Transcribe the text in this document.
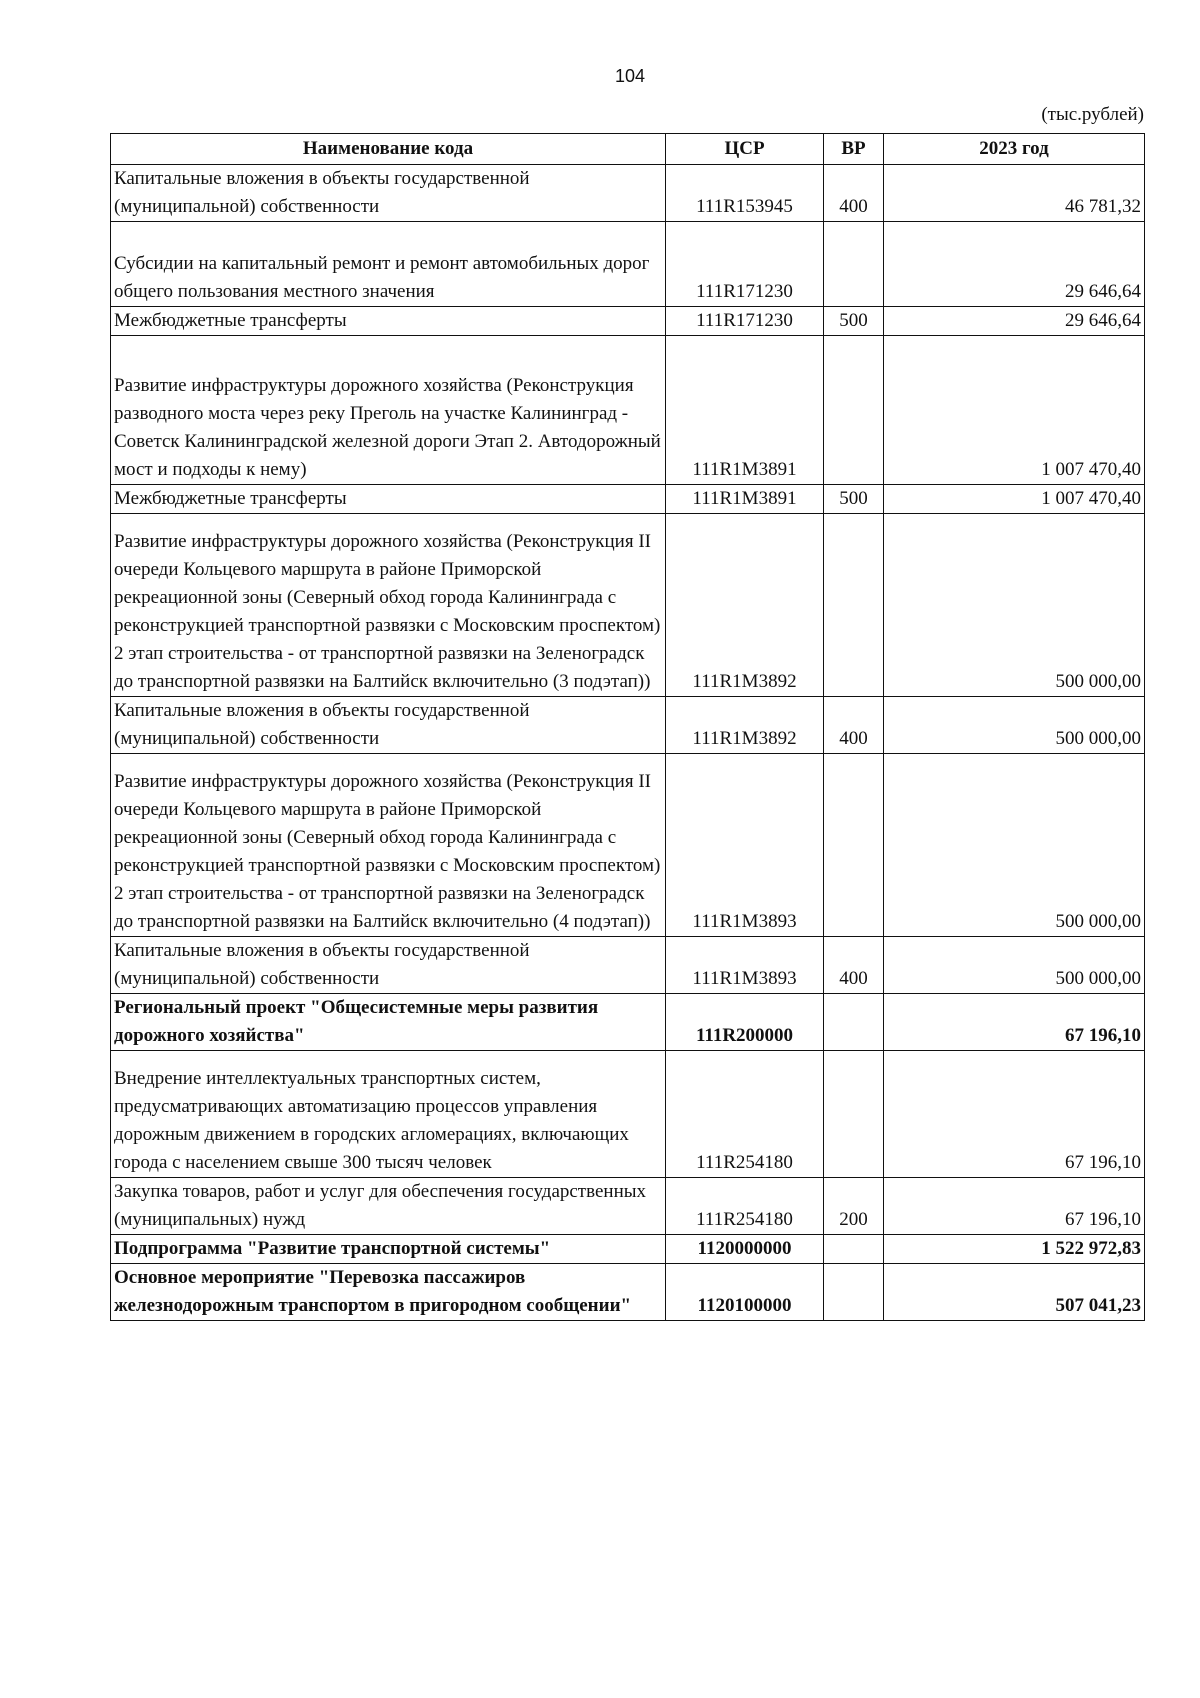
104
(тыс.рублей)
Наименование кода	ЦСР	ВР	2023 год
Капитальные вложения в объекты государственной (муниципальной) собственности	111R153945	400	46 781,32

Субсидии на капитальный ремонт и ремонт автомобильных дорог общего пользования местного значения	111R171230		29 646,64
Межбюджетные трансферты	111R171230	500	29 646,64

Развитие инфраструктуры дорожного хозяйства (Реконструкция разводного моста через реку Преголь на участке Калининград - Советск Калининградской железной дороги Этап 2. Автодорожный мост и подходы к нему)	111R1M3891		1 007 470,40
Межбюджетные трансферты	111R1M3891	500	1 007 470,40

Развитие инфраструктуры дорожного хозяйства (Реконструкция II очереди Кольцевого маршрута в районе Приморской рекреационной зоны (Северный обход города Калининграда с реконструкцией транспортной развязки с Московским проспектом) 2 этап строительства - от транспортной развязки на Зеленоградск до транспортной развязки на Балтийск включительно (3 подэтап))	111R1M3892		500 000,00
Капитальные вложения в объекты государственной (муниципальной) собственности	111R1M3892	400	500 000,00

Развитие инфраструктуры дорожного хозяйства (Реконструкция II очереди Кольцевого маршрута в районе Приморской рекреационной зоны (Северный обход города Калининграда с реконструкцией транспортной развязки с Московским проспектом) 2 этап строительства - от транспортной развязки на Зеленоградск до транспортной развязки на Балтийск включительно (4 подэтап))	111R1M3893		500 000,00
Капитальные вложения в объекты государственной (муниципальной) собственности	111R1M3893	400	500 000,00
Региональный проект "Общесистемные меры развития дорожного хозяйства"	111R200000		67 196,10

Внедрение интеллектуальных транспортных систем, предусматривающих автоматизацию процессов управления дорожным движением в городских агломерациях, включающих города с населением свыше 300 тысяч человек	111R254180		67 196,10
Закупка товаров, работ и услуг для обеспечения государственных (муниципальных) нужд	111R254180	200	67 196,10
Подпрограмма "Развитие транспортной системы"	1120000000		1 522 972,83
Основное мероприятие "Перевозка пассажиров железнодорожным транспортом в пригородном сообщении"	1120100000		507 041,23
